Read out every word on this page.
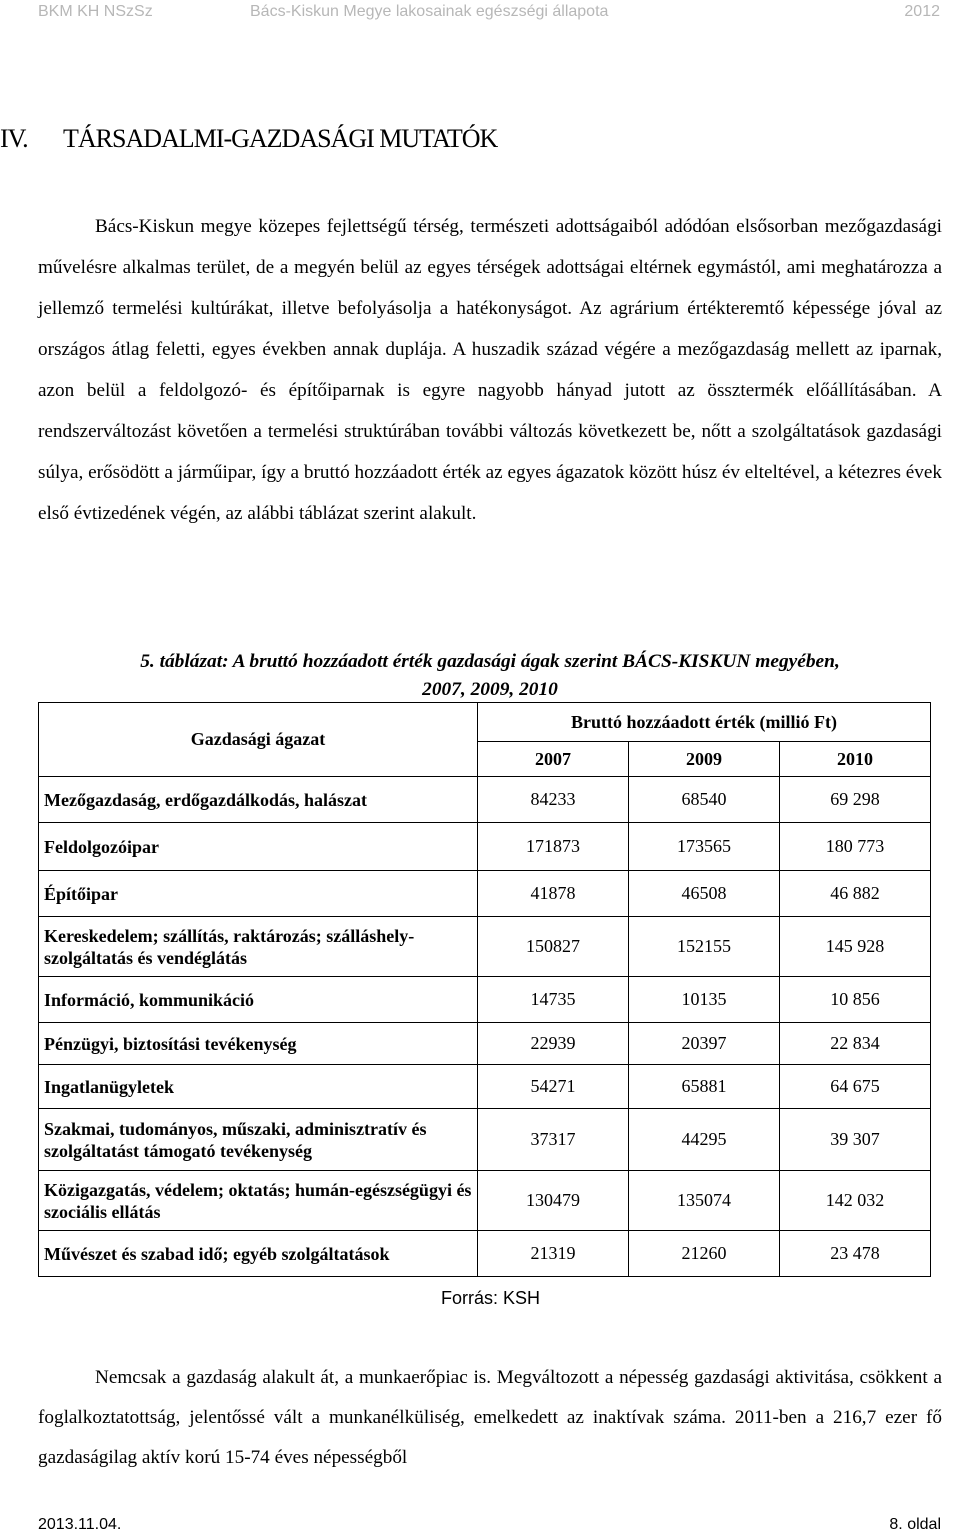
BKM KH NSzSz	Bács-Kiskun Megye lakosainak egészségi állapota	2012
IV. TÁRSADALMI-GAZDASÁGI MUTATÓK
Bács-Kiskun megye közepes fejlettségű térség, természeti adottságaiból adódóan elsősorban mezőgazdasági művelésre alkalmas terület, de a megyén belül az egyes térségek adottságai eltérnek egymástól, ami meghatározza a jellemző termelési kultúrákat, illetve befolyásolja a hatékonyságot. Az agrárium értékteremtő képessége jóval az országos átlag feletti, egyes években annak duplája. A huszadik század végére a mezőgazdaság mellett az iparnak, azon belül a feldolgozó- és építőiparnak is egyre nagyobb hányad jutott az össztermék előállításában. A rendszerváltozást követően a termelési struktúrában további változás következett be, nőtt a szolgáltatások gazdasági súlya, erősödött a járműipar, így a bruttó hozzáadott érték az egyes ágazatok között húsz év elteltével, a kétezres évek első évtizedének végén, az alábbi táblázat szerint alakult.
5. táblázat: A bruttó hozzáadott érték gazdasági ágak szerint BÁCS-KISKUN megyében,
2007, 2009, 2010
Gazdasági ágazat	Bruttó hozzáadott érték (millió Ft)		
	2007	2009	2010
Mezőgazdaság, erdőgazdálkodás, halászat	84233	68540	69 298
Feldolgozóipar	171873	173565	180 773
Építőipar	41878	46508	46 882
Kereskedelem; szállítás, raktározás; szálláshely-szolgáltatás és vendéglátás	150827	152155	145 928
Információ, kommunikáció	14735	10135	10 856
Pénzügyi, biztosítási tevékenység	22939	20397	22 834
Ingatlanügyletek	54271	65881	64 675
Szakmai, tudományos, műszaki, adminisztratív és szolgáltatást támogató tevékenység	37317	44295	39 307
Közigazgatás, védelem; oktatás; humán-egészségügyi és szociális ellátás	130479	135074	142 032
Művészet és szabad idő; egyéb szolgáltatások	21319	21260	23 478
Forrás: KSH
Nemcsak a gazdaság alakult át, a munkaerőpiac is. Megváltozott a népesség gazdasági aktivitása, csökkent a foglalkoztatottság, jelentőssé vált a munkanélküliség, emelkedett az inaktívak száma. 2011-ben a 216,7 ezer fő gazdaságilag aktív korú 15-74 éves népességből
2013.11.04.	8. oldal
